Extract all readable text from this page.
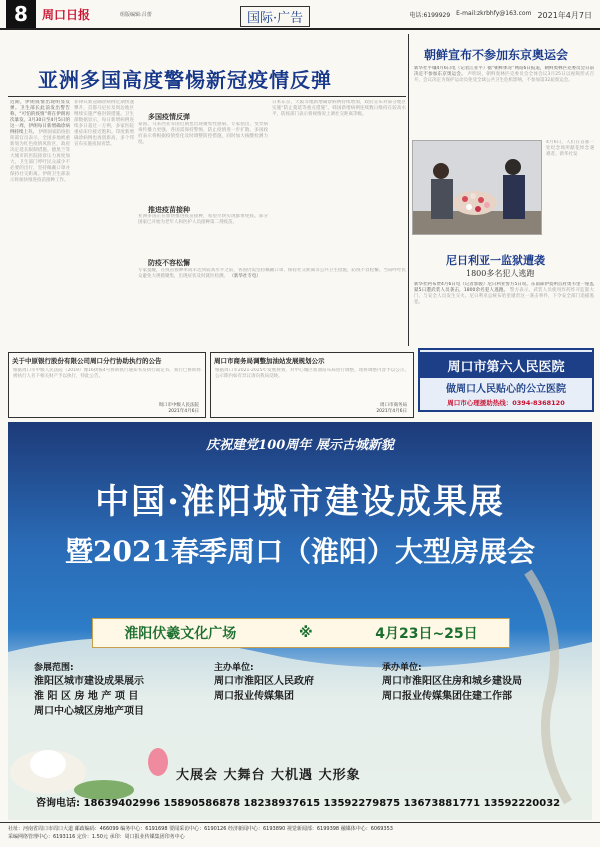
8	周口日报	组版编辑:吕蕾	国际·广告	电话:6199929 E-mail:zkrbhfy@163.com 2021年4月7日
亚洲多国高度警惕新冠疫情反弹
近期，伊朗疫情出现明显反弹。卫生部长此前发出警告称，“可怕的疫情”将在伊朗再次暴发。3月30日至4月5日的这一周，伊朗每日新增确诊病例持续上升。 伊朗国家防疫指挥部官员表示，全国多地被重新划为红色疫情风险区，政府决定延长限制措施。德黑兰等大城市的医院接诊压力再度加大，卫生部门呼吁民众减少不必要的出行，坚持佩戴口罩并保持社交距离。伊朗卫生部表示将加快推进疫苗接种工作。
菲律宾新冠确诊病例近期快速攀升，首都马尼拉及周边地区继续实施严格封锁措施。卫生部数据显示，每日新增病例连续多日超过一万例，多家医院重症床位接近饱和。印度新增确诊病例也再创新高，多个邦宣布实施夜间宵禁。
多国疫情反弹
泰国、马来西亚等国近期也出现聚集性感染。专家指出，变异病毒传播力更强，各国需保持警惕，防止疫情进一步扩散。多国政府表示将根据疫情变化及时调整防控措施，同时加大核酸检测力度。
推进疫苗接种
亚洲多国正在加快推进疫苗接种，希望尽快实现群体免疫。部分国家已开始为老年人和医护人员接种第二剂疫苗。
防疫不容松懈
专家提醒，在疫苗接种率尚未达到较高水平之前，各国仍需坚持佩戴口罩、保持社交距离等公共卫生措施，防疫不容松懈。当局呼吁民众避免大规模聚集，出现症状及时就医检测。 （新华社专电）
日本东京、大阪等地新增确诊病例持续增加，政府宣布对部分地区实施“防止蔓延等重点措施”。韩国新增病例连续数日维持在较高水平，防疫部门表示将视情况上调社交距离等级。
朝鲜宣布不参加东京奥运会
新华社平壤4月6日电（记者江亚平）据“朝鲜体育”网站6日报道，朝鲜奥林匹克委员会日前决定不参加东京奥运会。 声明说，朝鲜奥林匹克委员会全体会议3月25日以视频形式召开，会议决定为保护运动员免受全球公共卫生危机影响，不参加第32届奥运会。
4月6日，人们在首都一处纪念场所献花悼念遇难者。新华社发
尼日利亚一监狱遭袭
1800多名犯人逃跑
新华社阿布贾4月6日电（记者郭骏）尼日利亚警方5日说，东南部伊莫州首府奥韦里一座监狱5日遭武装人员袭击，1800余名犯人逃跑。 警方表示，武装人员使用炸药炸开监狱大门，与安全人员发生交火。尼日利亚总统布哈里谴责这一袭击事件，下令安全部门追捕逃犯。
关于中原银行股份有限公司周口分行协助执行的公告
根据周口市中级人民法院（2019）豫16执恢4号协助执行通知书及执行裁定书，我行已协助将被执行人名下相关财产予以执行，特此公告。
周口市中级人民法院
2021年4月6日
周口市商务局调整加油站发展规划公示
根据周口市2021-2025年发展规划，对中心城区加油站布局进行调整，现将调整内容予以公示，公示期内如有异议请向我局反映。
周口市商务局
2021年4月6日
周口市第六人民医院
做周口人民贴心的公立医院
周口市心理援助热线：0394-8368120
庆祝建党100周年 展示古城新貌
中国·淮阳城市建设成果展
暨2021春季周口（淮阳）大型房展会
淮阳伏羲文化广场	※	4月23日~25日
参展范围:
淮阳区城市建设成果展示
淮 阳 区 房 地 产 项 目
周口中心城区房地产项目
主办单位:
周口市淮阳区人民政府
周口报业传媒集团
承办单位:
周口市淮阳区住房和城乡建设局
周口报业传媒集团住建工作部
大展会 大舞台 大机遇 大形象
咨询电话: 18639402996 15890586878 18238937615 13592279875 13673881771 13592220032
社址：河南省周口市周口大道 邮政编码：466099 编务中心：6191698 要闻采访中心：6190126 经济新闻中心：6193890 视觉新闻部：6199398 融媒体中心：6069353
采编网络管理中心：6193116 定价：1.50元 承印：周口报业传媒集团印务中心
